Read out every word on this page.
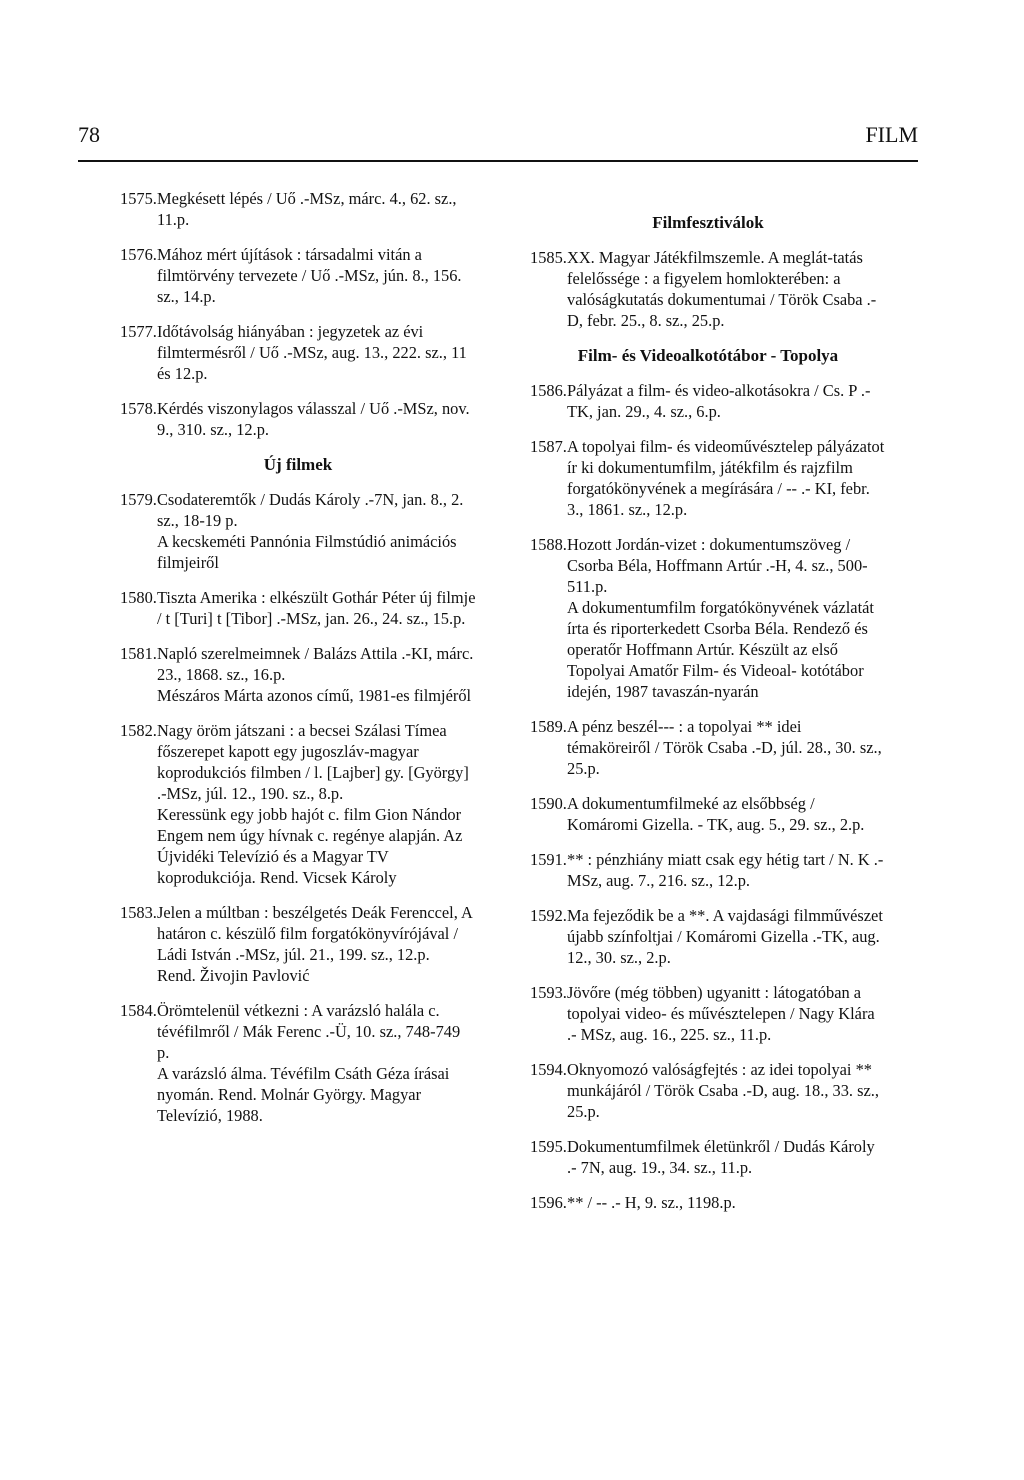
78	FILM
1575. Megkésett lépés / Uő .-MSz, márc. 4., 62. sz., 11.p.
1576. Mához mért újítások : társadalmi vitán a filmtörvény tervezete / Uő .-MSz, jún. 8., 156. sz., 14.p.
1577. Időtávolság hiányában : jegyzetek az évi filmtermésről / Uő .-MSz, aug. 13., 222. sz., 11 és 12.p.
1578. Kérdés viszonylagos válasszal / Uő .-MSz, nov. 9., 310. sz., 12.p.
Új filmek
1579. Csodateremtők / Dudás Károly .-7N, jan. 8., 2. sz., 18-19 p.
A kecskeméti Pannónia Filmstúdió animációs filmjeiről
1580. Tiszta Amerika : elkészült Gothár Péter új filmje / t [Turi] t [Tibor] .-MSz, jan. 26., 24. sz., 15.p.
1581. Napló szerelmeimnek / Balázs Attila .-KI, márc. 23., 1868. sz., 16.p.
Mészáros Márta azonos című, 1981-es filmjéről
1582. Nagy öröm játszani : a becsei Szálasi Tímea főszerepet kapott egy jugoszláv-magyar koprodukciós filmben / l. [Lajber] gy. [György] .-MSz, júl. 12., 190. sz., 8.p.
Keressünk egy jobb hajót c. film Gion Nándor Engem nem úgy hívnak c. regénye alapján. Az Újvidéki Televízió és a Magyar TV koprodukciója. Rend. Vicsek Károly
1583. Jelen a múltban : beszélgetés Deák Ferenccel, A határon c. készülő film forgatókönyvírójával / Ládi István .-MSz, júl. 21., 199. sz., 12.p.
Rend. Živojin Pavlović
1584. Örömtelenül vétkezni : A varázsló halála c. tévéfilmről / Mák Ferenc .-Ü, 10. sz., 748-749 p.
A varázsló álma. Tévéfilm Csáth Géza írásai nyomán. Rend. Molnár György. Magyar Televízió, 1988.
Filmfesztiválok
1585. XX. Magyar Játékfilmszemle. A meglát-tatás felelőssége : a figyelem homlokterében: a valóságkutatás dokumentumai / Török Csaba .-D, febr. 25., 8. sz., 25.p.
Film- és Videoalkotótábor - Topolya
1586. Pályázat a film- és video-alkotásokra / Cs. P .-TK, jan. 29., 4. sz., 6.p.
1587. A topolyai film- és videoművésztelep pályázatot ír ki dokumentumfilm, játékfilm és rajzfilm forgatókönyvének a megírására / -- .- KI, febr. 3., 1861. sz., 12.p.
1588. Hozott Jordán-vizet : dokumentumszöveg / Csorba Béla, Hoffmann Artúr .-H, 4. sz., 500-511.p.
A dokumentumfilm forgatókönyvének vázlatát írta és riporterkedett Csorba Béla. Rendező és operatőr Hoffmann Artúr. Készült az első Topolyai Amatőr Film- és Videoal- kotótábor idején, 1987 tavaszán-nyarán
1589. A pénz beszél--- : a topolyai ** idei témaköreiről / Török Csaba .-D, júl. 28., 30. sz., 25.p.
1590. A dokumentumfilmeké az elsőbbség / Komáromi Gizella. - TK, aug. 5., 29. sz., 2.p.
1591. ** : pénzhiány miatt csak egy hétig tart / N. K .-MSz, aug. 7., 216. sz., 12.p.
1592. Ma fejeződik be a **. A vajdasági filmművészet újabb színfoltjai / Komáromi Gizella .-TK, aug. 12., 30. sz., 2.p.
1593. Jövőre (még többen) ugyanitt : látogatóban a topolyai video- és művésztelepen / Nagy Klára .- MSz, aug. 16., 225. sz., 11.p.
1594. Oknyomozó valóságfejtés : az idei topolyai ** munkájáról / Török Csaba .-D, aug. 18., 33. sz., 25.p.
1595. Dokumentumfilmek életünkről / Dudás Károly .- 7N, aug. 19., 34. sz., 11.p.
1596. ** / -- .- H, 9. sz., 1198.p.
